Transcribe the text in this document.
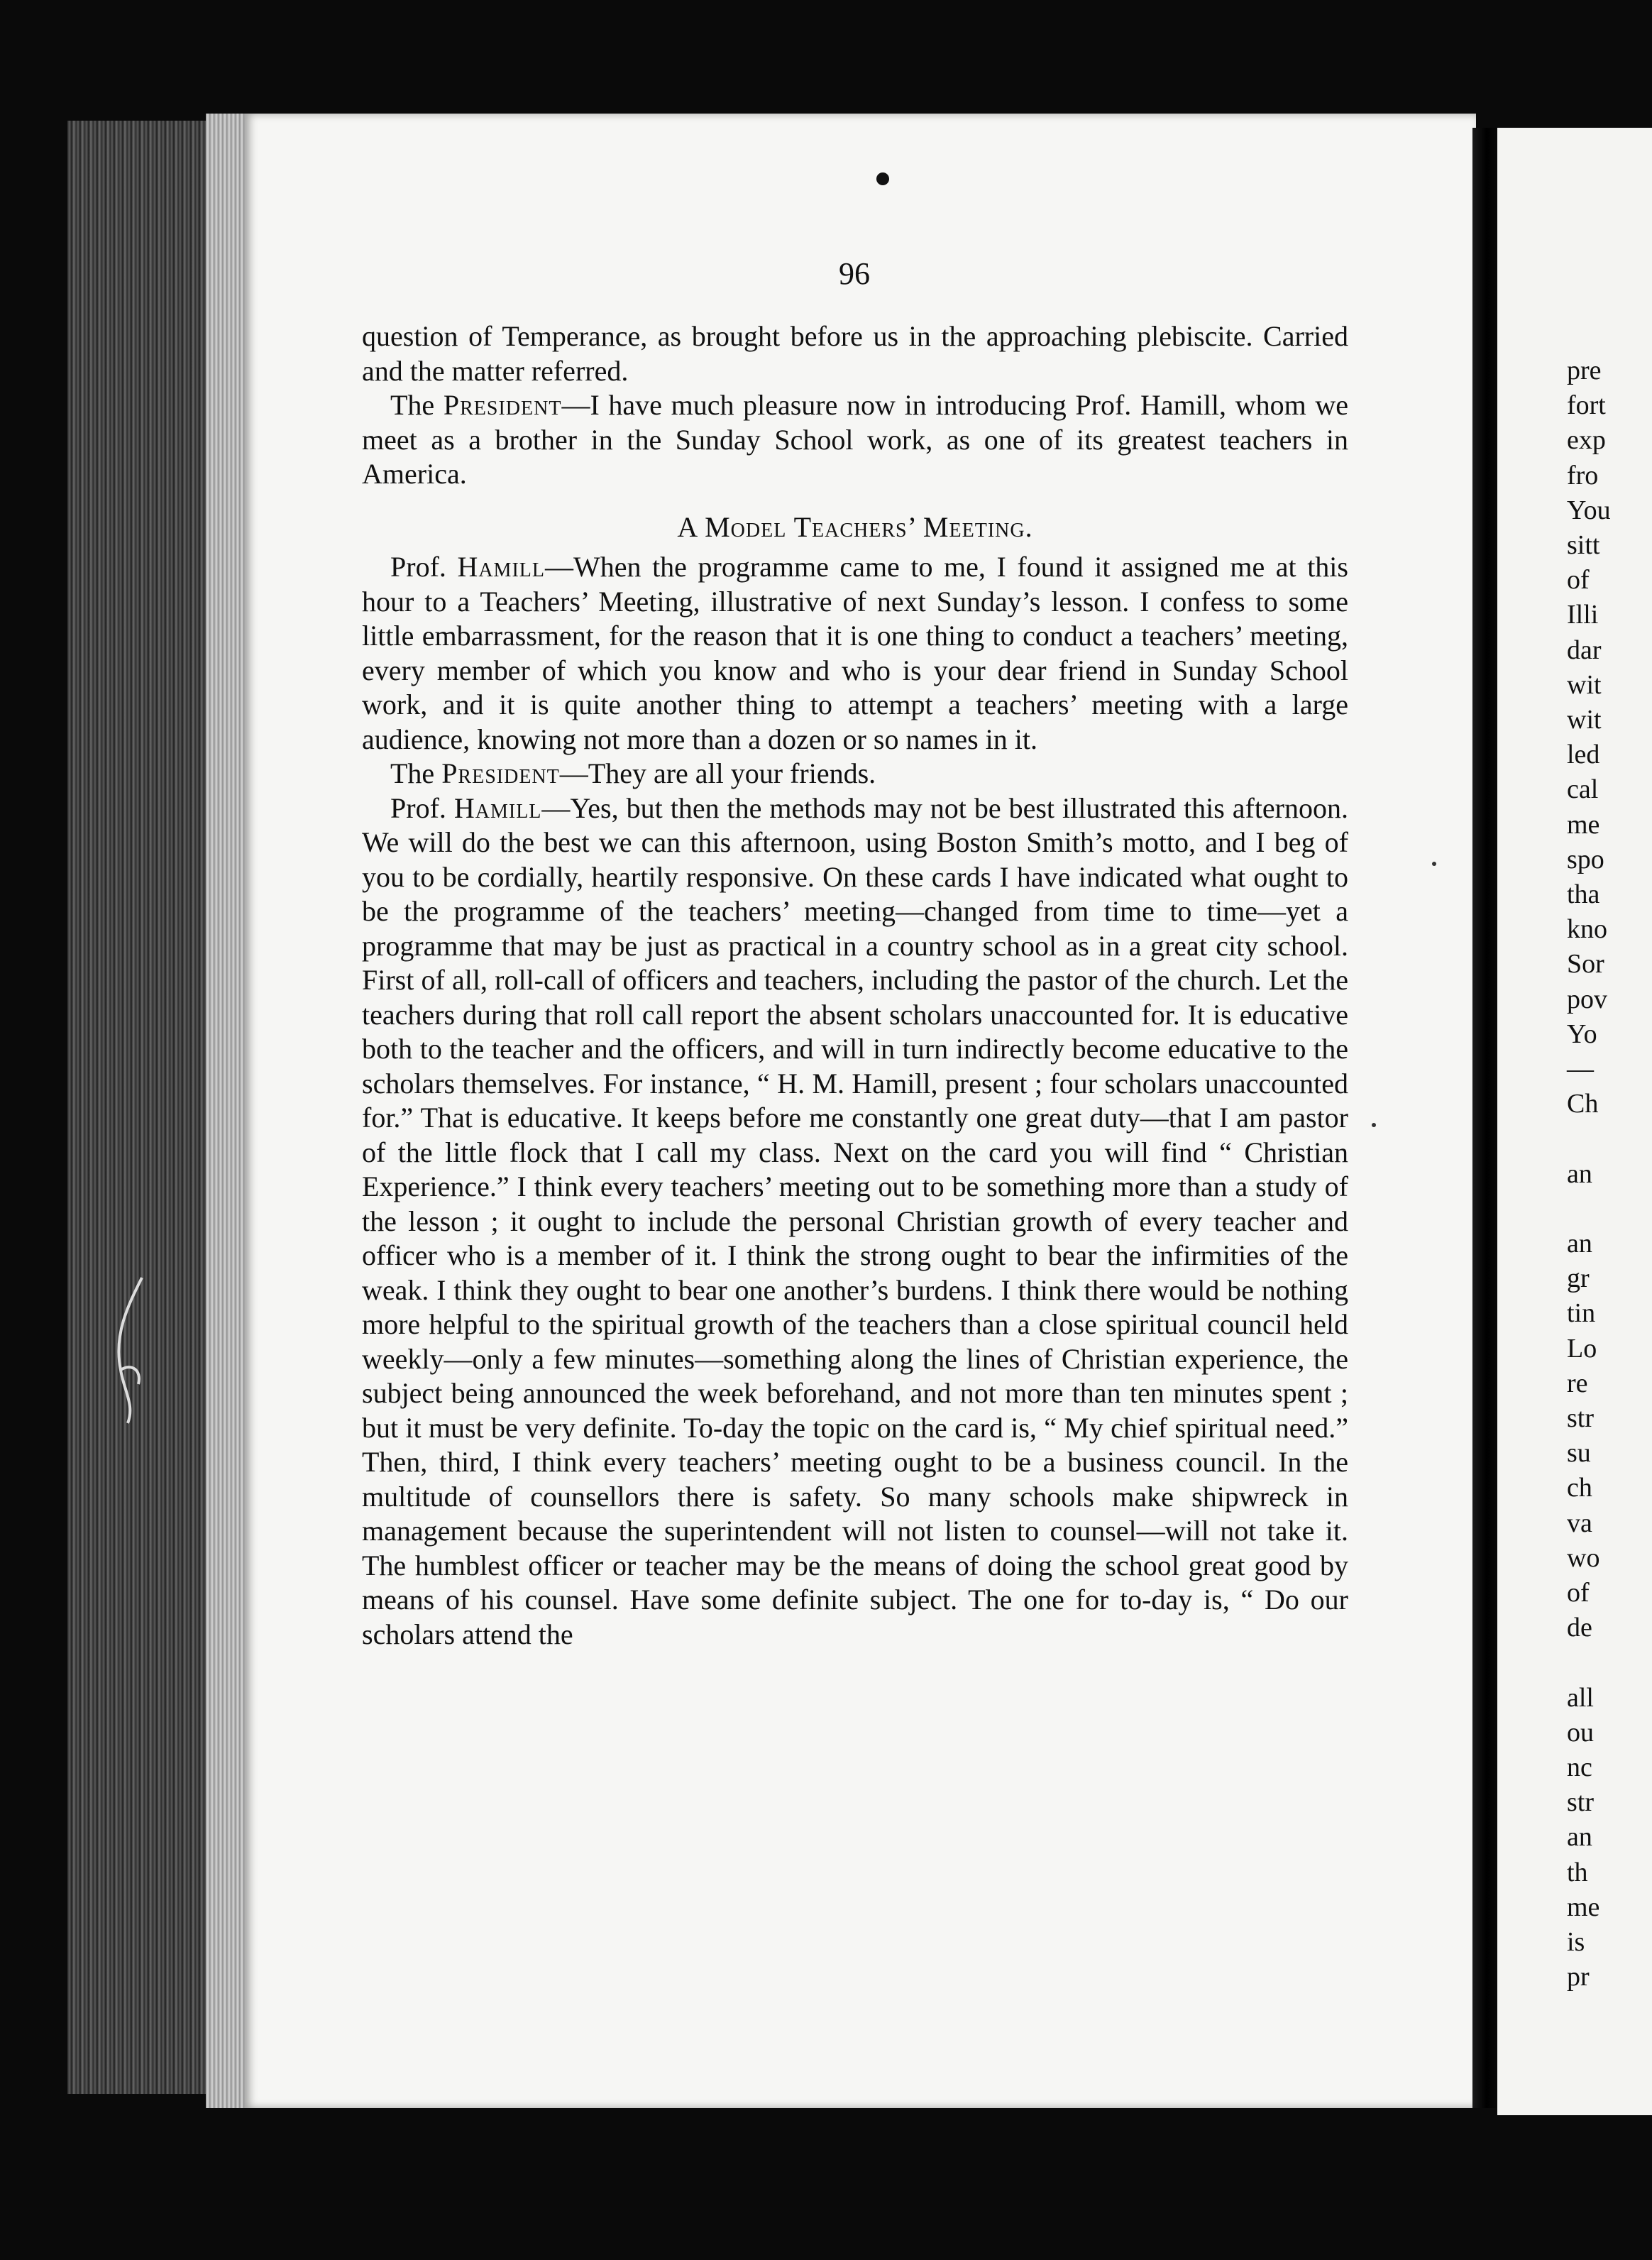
96

question of Temperance, as brought before us in the approaching plebiscite. Carried and the matter referred.

The President—I have much pleasure now in introducing Prof. Hamill, whom we meet as a brother in the Sunday School work, as one of its greatest teachers in America.

A Model Teachers’ Meeting.

Prof. Hamill—When the programme came to me, I found it assigned me at this hour to a Teachers’ Meeting, illustrative of next Sunday’s lesson. I confess to some little embarrassment, for the reason that it is one thing to conduct a teachers’ meeting, every member of which you know and who is your dear friend in Sunday School work, and it is quite another thing to attempt a teachers’ meeting with a large audience, knowing not more than a dozen or so names in it.

The President—They are all your friends.

Prof. Hamill—Yes, but then the methods may not be best illustrated this afternoon. We will do the best we can this afternoon, using Boston Smith’s motto, and I beg of you to be cordially, heartily responsive. On these cards I have indicated what ought to be the programme of the teachers’ meeting—changed from time to time—yet a programme that may be just as practical in a country school as in a great city school. First of all, roll-call of officers and teachers, including the pastor of the church. Let the teachers during that roll call report the absent scholars unaccounted for. It is educative both to the teacher and the officers, and will in turn indirectly become educative to the scholars themselves. For instance, “ H. M. Hamill, present ; four scholars unaccounted for.” That is educative. It keeps before me constantly one great duty—that I am pastor of the little flock that I call my class. Next on the card you will find “ Christian Experience.” I think every teachers’ meeting out to be something more than a study of the lesson ; it ought to include the personal Christian growth of every teacher and officer who is a member of it. I think the strong ought to bear the infirmities of the weak. I think they ought to bear one another’s burdens. I think there would be nothing more helpful to the spiritual growth of the teachers than a close spiritual council held weekly—only a few minutes—something along the lines of Christian experience, the subject being announced the week beforehand, and not more than ten minutes spent ; but it must be very definite. To-day the topic on the card is, “ My chief spiritual need.” Then, third, I think every teachers’ meeting ought to be a business council. In the multitude of counsellors there is safety. So many schools make shipwreck in management because the superintendent will not listen to counsel—will not take it. The humblest officer or teacher may be the means of doing the school great good by means of his counsel. Have some definite subject. The one for to-day is, “ Do our scholars attend the

pre
fort
exp
fro
You
sitt
of
Illi
dar
wit
wit
led
cal
me
spo
tha
kno
Sor
pov
Yo
—
Ch
an
an
gr
tin
Lo
re
str
su
ch
va
wo
of
de
all
ou
nc
str
an
th
me
is
pr
